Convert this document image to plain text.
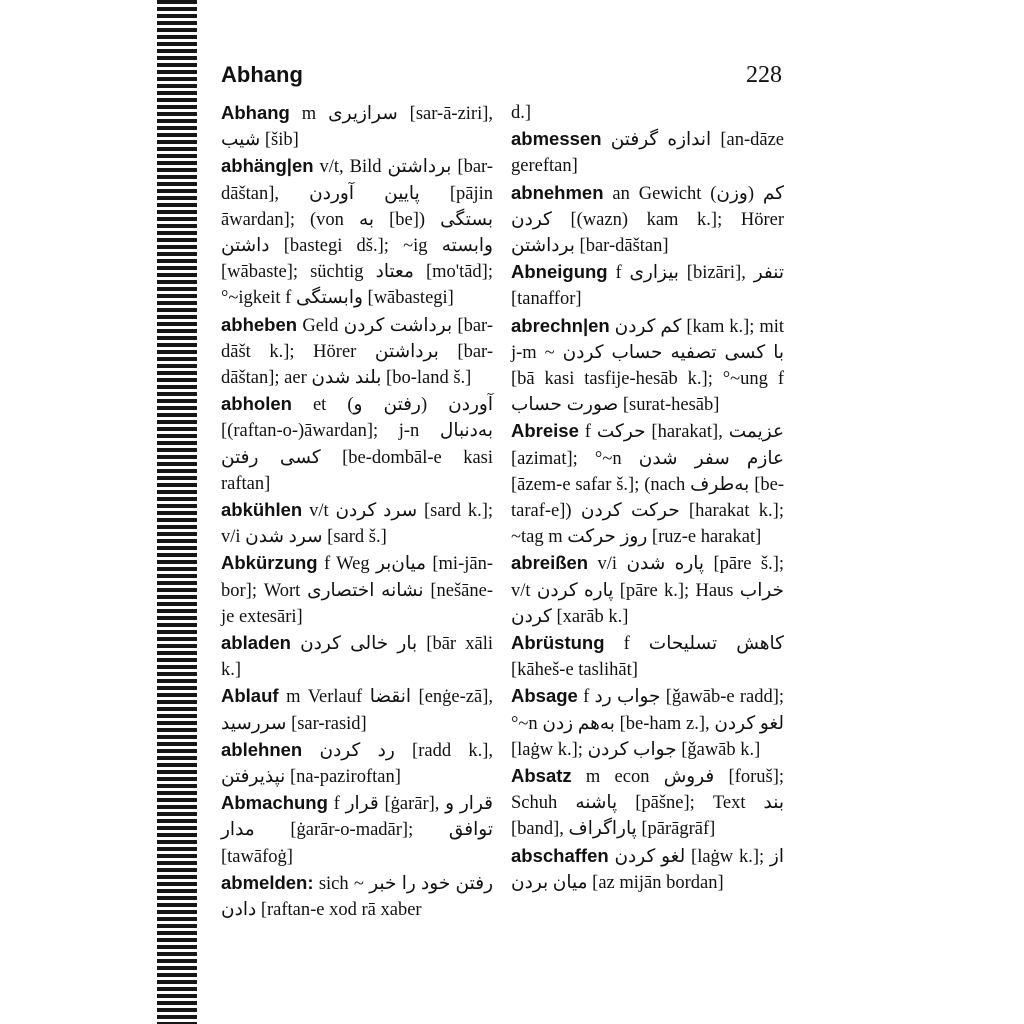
Abhang	228

Abhang m سرازیری [sar-ā-ziri], شیب [šib]

abhäng|en v/t, Bild برداشتن [bar-dāštan], پایین آوردن [pājin āwardan]; (von به [be]) بستگی داشتن [bastegi dš.]; ~ig وابسته [wābaste]; süchtig معتاد [mo'tād]; °~igkeit f وابستگی [wābastegi]

abheben Geld برداشت کردن [bar-dāšt k.]; Hörer برداشتن [bar-dāštan]; aer بلند شدن [bo-land š.]

abholen et (رفتن و) آوردن [(raftan-o-)āwardan]; j-n بەدنبال کسی رفتن [be-dombāl-e kasi raftan]

abkühlen v/t سرد کردن [sard k.]; v/i سرد شدن [sard š.]

Abkürzung f Weg میان‌بر [mi-jān-bor]; Wort نشانه اختصاری [nešāne-je extesāri]

abladen بار خالی کردن [bār xāli k.]

Ablauf m Verlauf انقضا [enġe-zā], سررسید [sar-rasid]

ablehnen رد کردن [radd k.], نپذیرفتن [na-paziroftan]

Abmachung f قرار [ġarār], قرار و مدار [ġarār-o-madār]; توافق [tawāfoġ]

abmelden: sich ~ رفتن خود را خبر دادن [raftan-e xod rā xaber

d.]

abmessen اندازه گرفتن [an-dāze gereftan]

abnehmen an Gewicht (وزن) کم کردن [(wazn) kam k.]; Hörer برداشتن [bar-dāštan]

Abneigung f بیزاری [bizāri], تنفر [tanaffor]

abrechn|en کم کردن [kam k.]; mit j-m ~ با کسی تصفیه حساب کردن [bā kasi tasfije-hesāb k.]; °~ung f صورت حساب [surat-hesāb]

Abreise f حرکت [harakat], عزیمت [azimat]; °~n عازم سفر شدن [āzem-e safar š.]; (nach به‌طرف [be-taraf-e]) حرکت کردن [harakat k.]; ~tag m روز حرکت [ruz-e harakat]

abreißen v/i پاره شدن [pāre š.]; v/t پاره کردن [pāre k.]; Haus خراب کردن [xarāb k.]

Abrüstung f کاهش تسلیحات [kāheš-e taslihāt]

Absage f جواب رد [ǧawāb-e radd]; °~n به‌هم زدن [be-ham z.], لغو کردن [laġw k.]; جواب کردن [ǧawāb k.]

Absatz m econ فروش [foruš]; Schuh پاشنه [pāšne]; Text بند [band], پاراگراف [pārāgrāf]

abschaffen لغو کردن [laġw k.]; از میان بردن [az mijān bordan]
